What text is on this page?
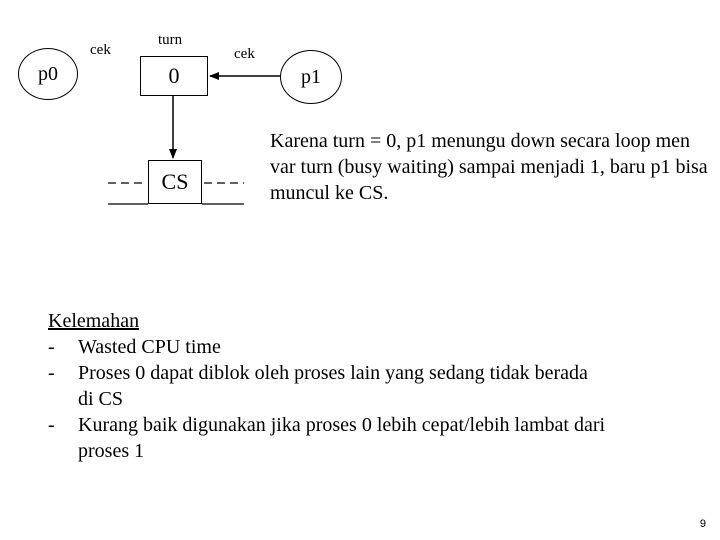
p0
cek
turn
cek
0	p1
CS

Karena turn = 0, p1 menungu down secara loop men var turn (busy waiting) sampai menjadi 1, baru p1 bisa muncul ke CS.

Kelemahan

-	Wasted CPU time
-	Proses 0 dapat diblok oleh proses lain yang sedang tidak berada di CS
-	Kurang baik digunakan jika proses 0 lebih cepat/lebih lambat dari proses 1
9
